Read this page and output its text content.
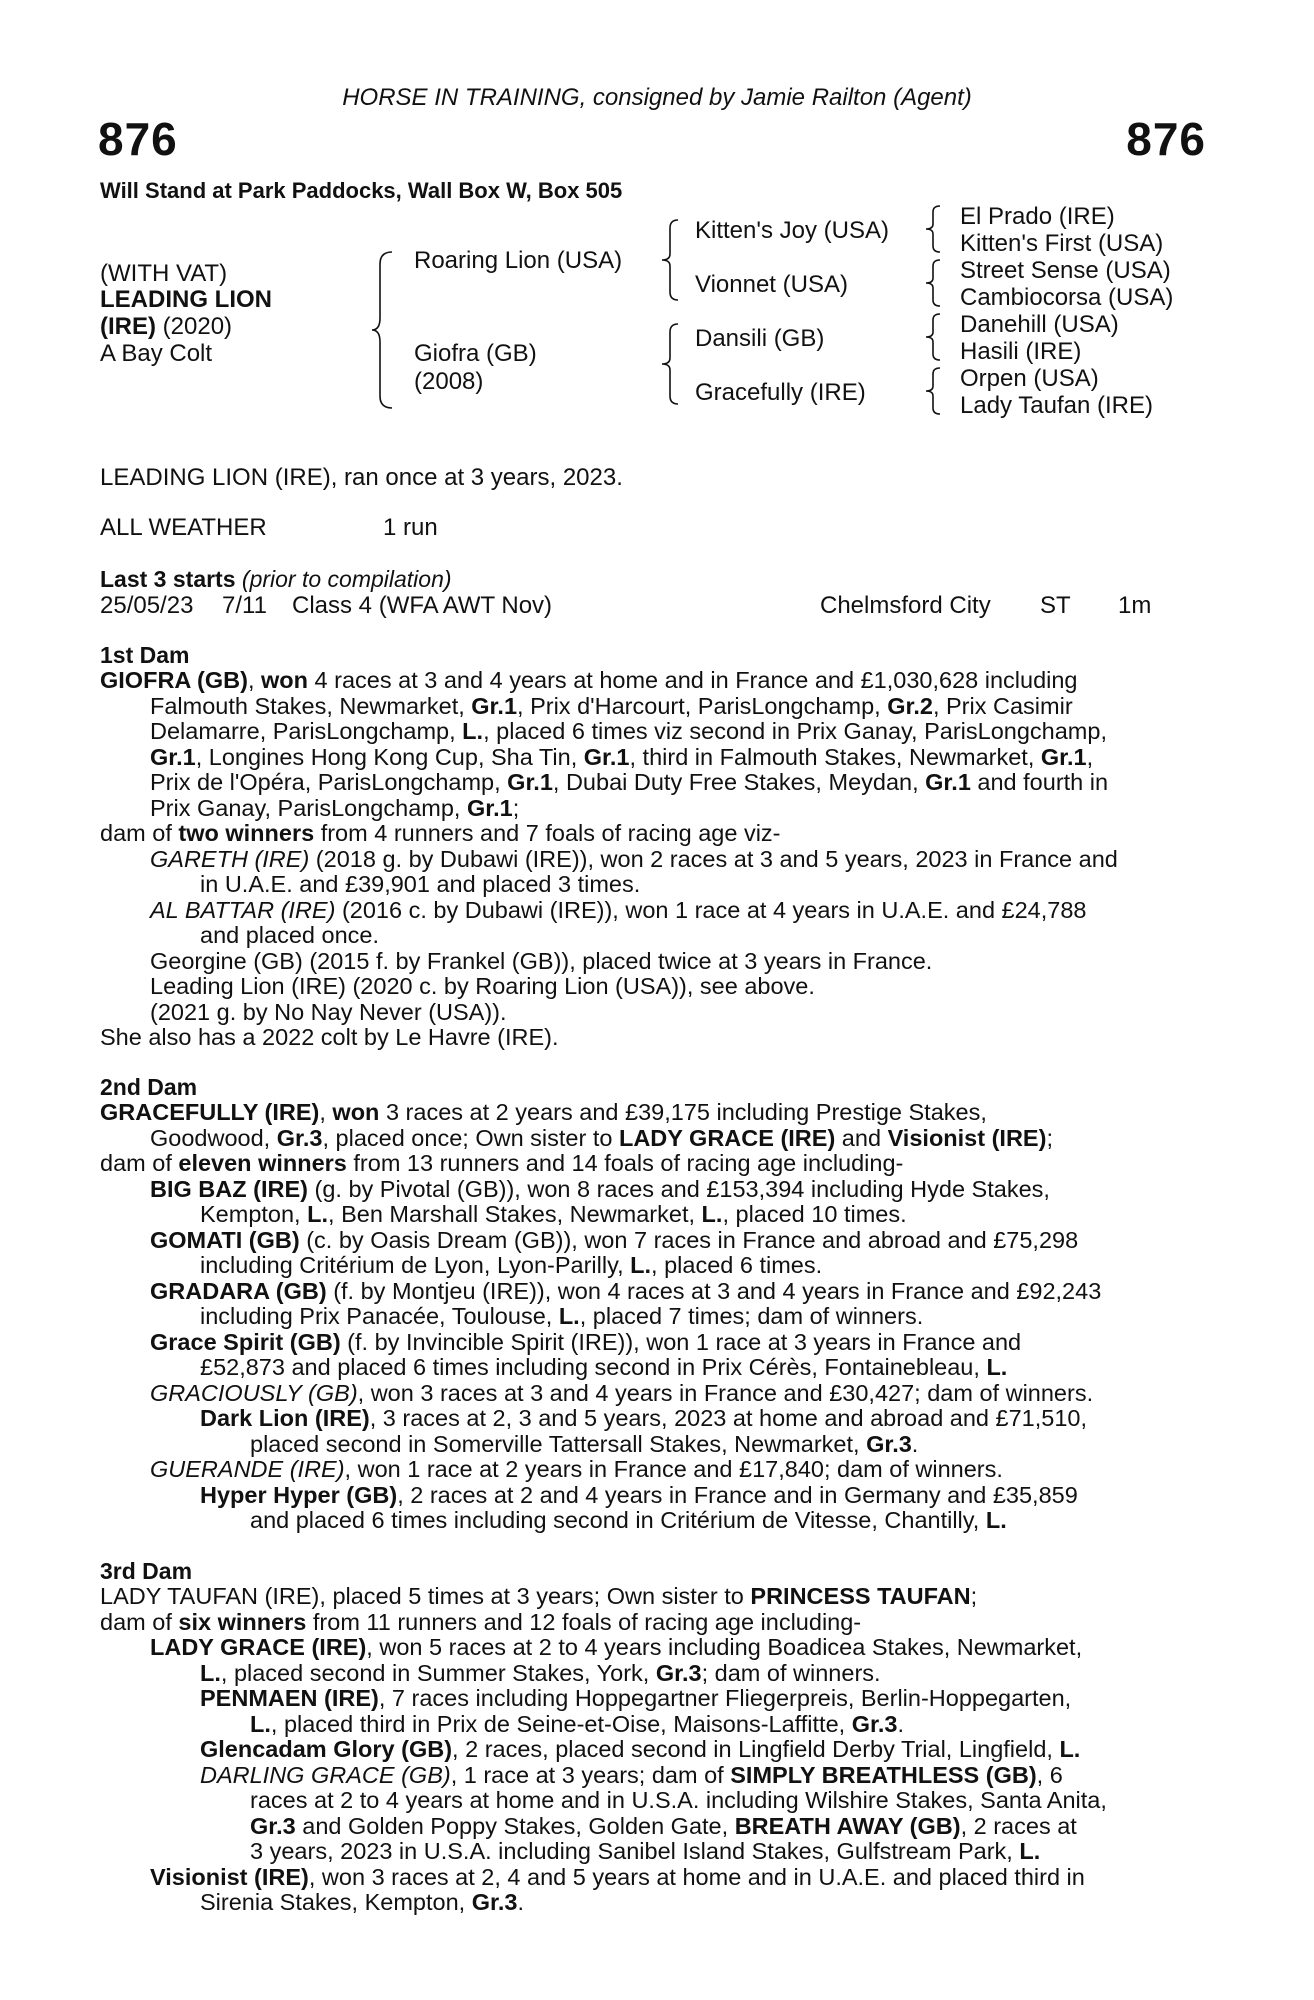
HORSE IN TRAINING, consigned by Jamie Railton (Agent)
876	876
Will Stand at Park Paddocks, Wall Box W, Box 505
(WITH VAT)
LEADING LION
(IRE) (2020)
A Bay Colt
Roaring Lion (USA)
Giofra (GB)
(2008)
Kitten's Joy (USA)
Vionnet (USA)
Dansili (GB)
Gracefully (IRE)
El Prado (IRE)
Kitten's First (USA)
Street Sense (USA)
Cambiocorsa (USA)
Danehill (USA)
Hasili (IRE)
Orpen (USA)
Lady Taufan (IRE)
LEADING LION (IRE), ran once at 3 years, 2023.
ALL WEATHER	1 run
Last 3 starts (prior to compilation)
25/05/23 7/11 Class 4 (WFA AWT Nov)	Chelmsford City ST 1m
1st Dam
GIOFRA (GB), won 4 races at 3 and 4 years at home and in France and £1,030,628 including
Falmouth Stakes, Newmarket, Gr.1, Prix d'Harcourt, ParisLongchamp, Gr.2, Prix Casimir
Delamarre, ParisLongchamp, L., placed 6 times viz second in Prix Ganay, ParisLongchamp,
Gr.1, Longines Hong Kong Cup, Sha Tin, Gr.1, third in Falmouth Stakes, Newmarket, Gr.1,
Prix de l'Opéra, ParisLongchamp, Gr.1, Dubai Duty Free Stakes, Meydan, Gr.1 and fourth in
Prix Ganay, ParisLongchamp, Gr.1;
dam of two winners from 4 runners and 7 foals of racing age viz-
GARETH (IRE) (2018 g. by Dubawi (IRE)), won 2 races at 3 and 5 years, 2023 in France and
in U.A.E. and £39,901 and placed 3 times.
AL BATTAR (IRE) (2016 c. by Dubawi (IRE)), won 1 race at 4 years in U.A.E. and £24,788
and placed once.
Georgine (GB) (2015 f. by Frankel (GB)), placed twice at 3 years in France.
Leading Lion (IRE) (2020 c. by Roaring Lion (USA)), see above.
(2021 g. by No Nay Never (USA)).
She also has a 2022 colt by Le Havre (IRE).
2nd Dam
GRACEFULLY (IRE), won 3 races at 2 years and £39,175 including Prestige Stakes,
Goodwood, Gr.3, placed once; Own sister to LADY GRACE (IRE) and Visionist (IRE);
dam of eleven winners from 13 runners and 14 foals of racing age including-
BIG BAZ (IRE) (g. by Pivotal (GB)), won 8 races and £153,394 including Hyde Stakes,
Kempton, L., Ben Marshall Stakes, Newmarket, L., placed 10 times.
GOMATI (GB) (c. by Oasis Dream (GB)), won 7 races in France and abroad and £75,298
including Critérium de Lyon, Lyon-Parilly, L., placed 6 times.
GRADARA (GB) (f. by Montjeu (IRE)), won 4 races at 3 and 4 years in France and £92,243
including Prix Panacée, Toulouse, L., placed 7 times; dam of winners.
Grace Spirit (GB) (f. by Invincible Spirit (IRE)), won 1 race at 3 years in France and
£52,873 and placed 6 times including second in Prix Cérès, Fontainebleau, L.
GRACIOUSLY (GB), won 3 races at 3 and 4 years in France and £30,427; dam of winners.
Dark Lion (IRE), 3 races at 2, 3 and 5 years, 2023 at home and abroad and £71,510,
placed second in Somerville Tattersall Stakes, Newmarket, Gr.3.
GUERANDE (IRE), won 1 race at 2 years in France and £17,840; dam of winners.
Hyper Hyper (GB), 2 races at 2 and 4 years in France and in Germany and £35,859
and placed 6 times including second in Critérium de Vitesse, Chantilly, L.
3rd Dam
LADY TAUFAN (IRE), placed 5 times at 3 years; Own sister to PRINCESS TAUFAN;
dam of six winners from 11 runners and 12 foals of racing age including-
LADY GRACE (IRE), won 5 races at 2 to 4 years including Boadicea Stakes, Newmarket,
L., placed second in Summer Stakes, York, Gr.3; dam of winners.
PENMAEN (IRE), 7 races including Hoppegartner Fliegerpreis, Berlin-Hoppegarten,
L., placed third in Prix de Seine-et-Oise, Maisons-Laffitte, Gr.3.
Glencadam Glory (GB), 2 races, placed second in Lingfield Derby Trial, Lingfield, L.
DARLING GRACE (GB), 1 race at 3 years; dam of SIMPLY BREATHLESS (GB), 6
races at 2 to 4 years at home and in U.S.A. including Wilshire Stakes, Santa Anita,
Gr.3 and Golden Poppy Stakes, Golden Gate, BREATH AWAY (GB), 2 races at
3 years, 2023 in U.S.A. including Sanibel Island Stakes, Gulfstream Park, L.
Visionist (IRE), won 3 races at 2, 4 and 5 years at home and in U.A.E. and placed third in
Sirenia Stakes, Kempton, Gr.3.
